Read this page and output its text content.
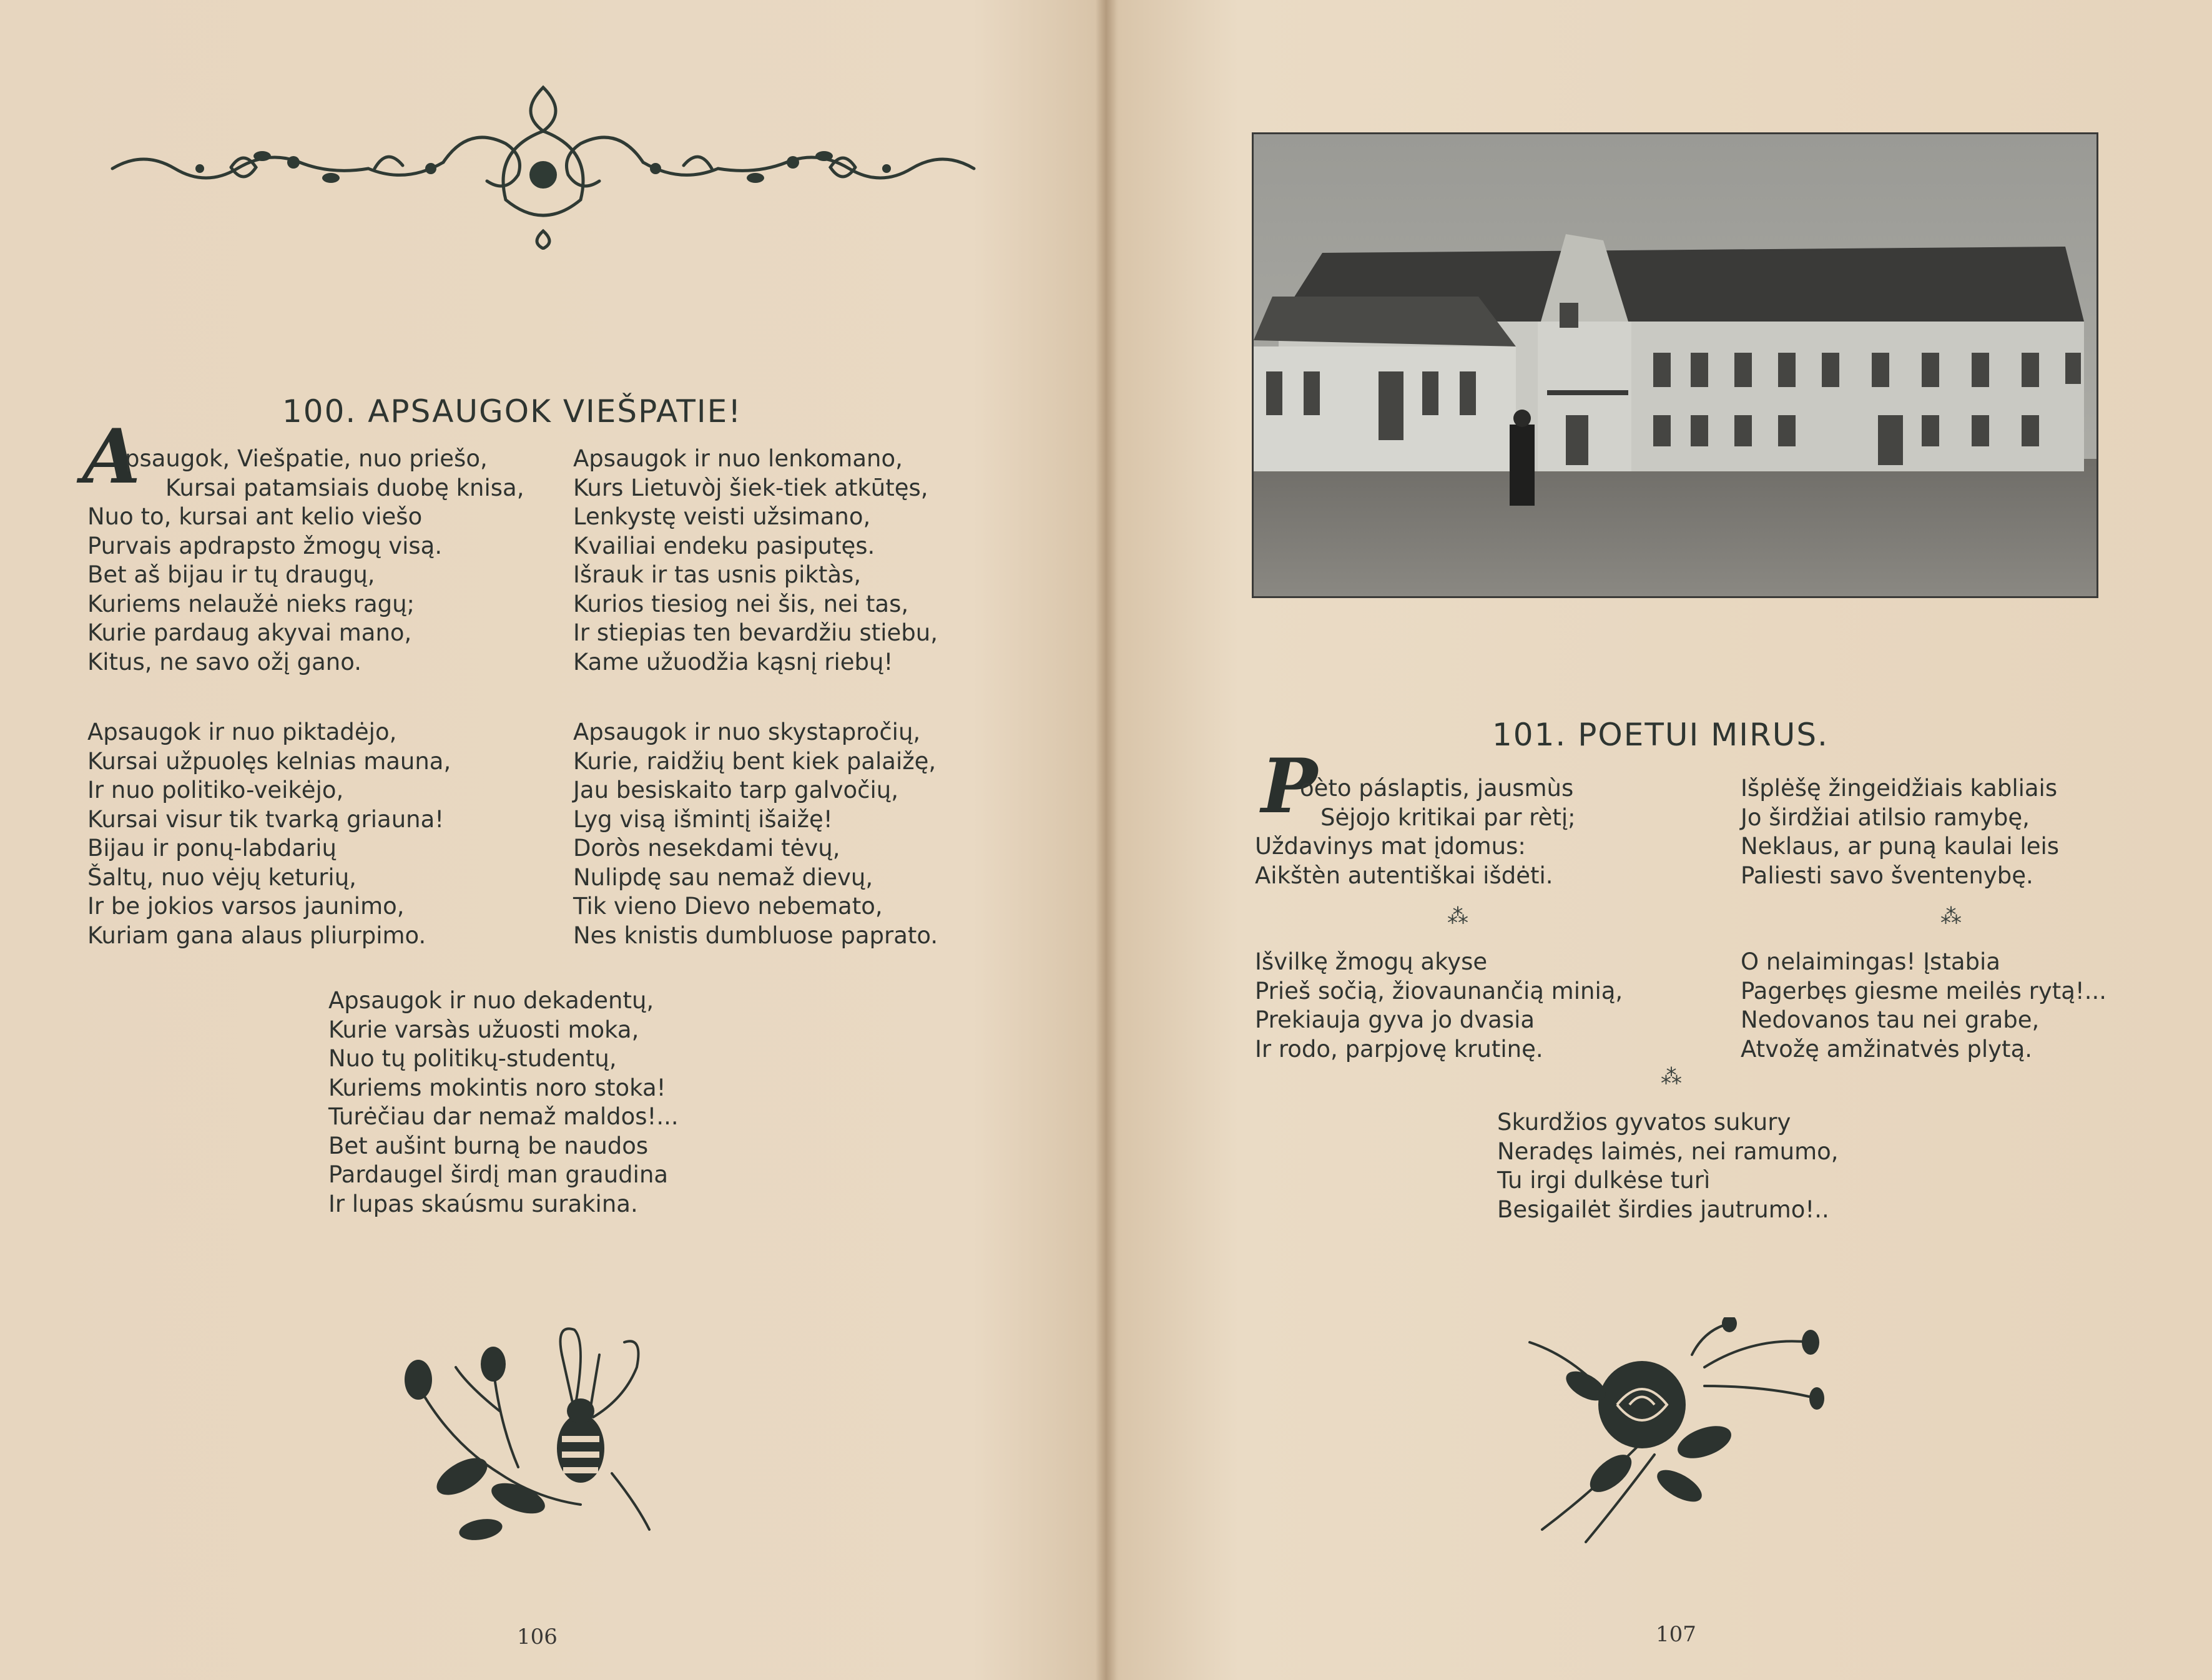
100. APSAUGOK VIEŠPATIE!
A
psaugok, Viešpatie, nuo priešo,
Kursai patamsiais duobę knisa,
Nuo to, kursai ant kelio viešo
Purvais apdrapsto žmogų visą.
Bet aš bijau ir tų draugų,
Kuriems nelaužė nieks ragų;
Kurie pardaug akyvai mano,
Kitus, ne savo ožį gano.
Apsaugok ir nuo lenkomano,
Kurs Lietuvòj šiek-tiek atkūtęs,
Lenkystę veisti užsimano,
Kvailiai endeku pasiputęs.
Išrauk ir tas usnis piktàs,
Kurios tiesiog nei šis, nei tas,
Ir stiepias ten bevardžiu stiebu,
Kame užuodžia kąsnį riebų!
Apsaugok ir nuo piktadėjo,
Kursai užpuolęs kelnias mauna,
Ir nuo politiko-veikėjo,
Kursai visur tik tvarką griauna!
Bijau ir ponų-labdarių
Šaltų, nuo vėjų keturių,
Ir be jokios varsos jaunimo,
Kuriam gana alaus pliurpimo.
Apsaugok ir nuo skystapročių,
Kurie, raidžių bent kiek palaižę,
Jau besiskaito tarp galvočių,
Lyg visą išmintį išaižę!
Doròs nesekdami tėvų,
Nulipdę sau nemaž dievų,
Tik vieno Dievo nebemato,
Nes knistis dumbluose paprato.
Apsaugok ir nuo dekadentų,
Kurie varsàs užuosti moka,
Nuo tų politikų-studentų,
Kuriems mokintis noro stoka!
Turėčiau dar nemaž maldos!...
Bet aušint burną be naudos
Pardaugel širdį man graudina
Ir lupas skaúsmu surakina.
106
101. POETUI MIRUS.
P
oèto páslaptis, jausmùs
Sėjojo kritikai par rètį;
Uždavinys mat įdomus:
Aikštèn autentiškai išdėti.
Išplėšę žingeidžiais kabliais
Jo širdžiai atilsio ramybę,
Neklaus, ar puną kaulai leis
Paliesti savo šventenybę.
⁂	⁂
Išvilkę žmogų akyse
Prieš sočią, žiovaunančią minią,
Prekiauja gyva jo dvasia
Ir rodo, parpjovę krutinę.
O nelaimingas! Įstabia
Pagerbęs giesme meilės rytą!...
Nedovanos tau nei grabe,
Atvožę amžinatvės plytą.
⁂
Skurdžios gyvatos sukury
Neradęs laimės, nei ramumo,
Tu irgi dulkėse turì
Besigailėt širdies jautrumo!..
107
